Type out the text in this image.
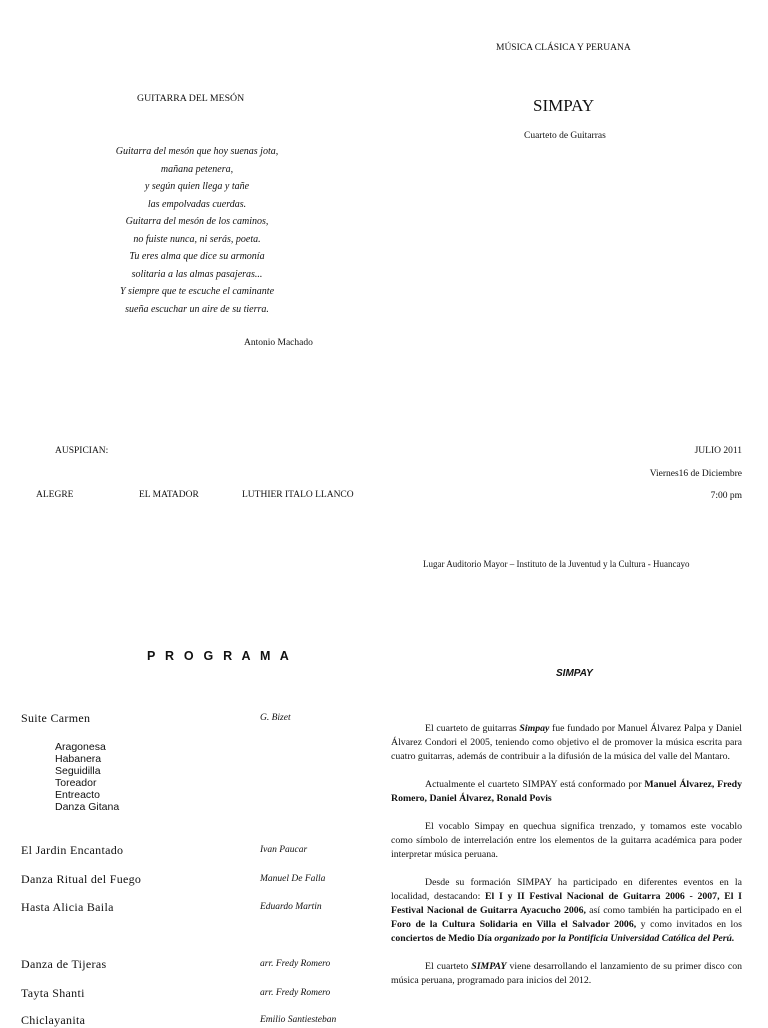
GUITARRA DEL MESÓN
Guitarra del mesón que hoy suenas jota,
mañana petenera,
y según quien llega y tañe
las empolvadas cuerdas.
Guitarra del mesón de los caminos,
no fuiste nunca, ni serás, poeta.
Tu eres alma que dice su armonía
solitaria a las almas pasajeras...
Y siempre que te escuche el caminante
sueña escuchar un aire de su tierra.
Antonio Machado
MÚSICA CLÁSICA Y PERUANA
SIMPAY
Cuarteto de Guitarras
AUSPICIAN:
ALEGRE	EL MATADOR	LUTHIER ITALO LLANCO
JULIO 2011
Viernes16 de Diciembre
7:00 pm
Lugar Auditorio Mayor – Instituto de la Juventud y la Cultura - Huancayo
P R O G R A M A
Suite Carmen	G. Bizet
Aragonesa
Habanera
Seguidilla
Toreador
Entreacto
Danza Gitana
El Jardin Encantado	Ivan Paucar
Danza Ritual del Fuego	Manuel De Falla
Hasta Alicia Baila	Eduardo Martin
Danza de Tijeras	arr. Fredy Romero
Tayta Shanti	arr. Fredy Romero
Chiclayanita	Emilio Santiesteban
SIMPAY

El cuarteto de guitarras Simpay fue fundado por Manuel Álvarez Palpa y Daniel Álvarez Condori el 2005, teniendo como objetivo el de promover la música escrita para cuatro guitarras, además de contribuir a la difusión de la música del valle del Mantaro.

Actualmente el cuarteto SIMPAY está conformado por Manuel Álvarez, Fredy Romero, Daniel Álvarez, Ronald Povis

El vocablo Simpay en quechua significa trenzado, y tomamos este vocablo como símbolo de interrelación entre los elementos de la guitarra académica para poder interpretar música peruana.

Desde su formación SIMPAY ha participado en diferentes eventos en la localidad, destacando: El I y II Festival Nacional de Guitarra 2006 - 2007, El I Festival Nacional de Guitarra Ayacucho 2006, así como también ha participado en el Foro de la Cultura Solidaria en Villa el Salvador 2006, y como invitados en los conciertos de Medio Día organizado por la Pontificia Universidad Católica del Perú.

El cuarteto SIMPAY viene desarrollando el lanzamiento de su primer disco con música peruana, programado para inicios del 2012.
